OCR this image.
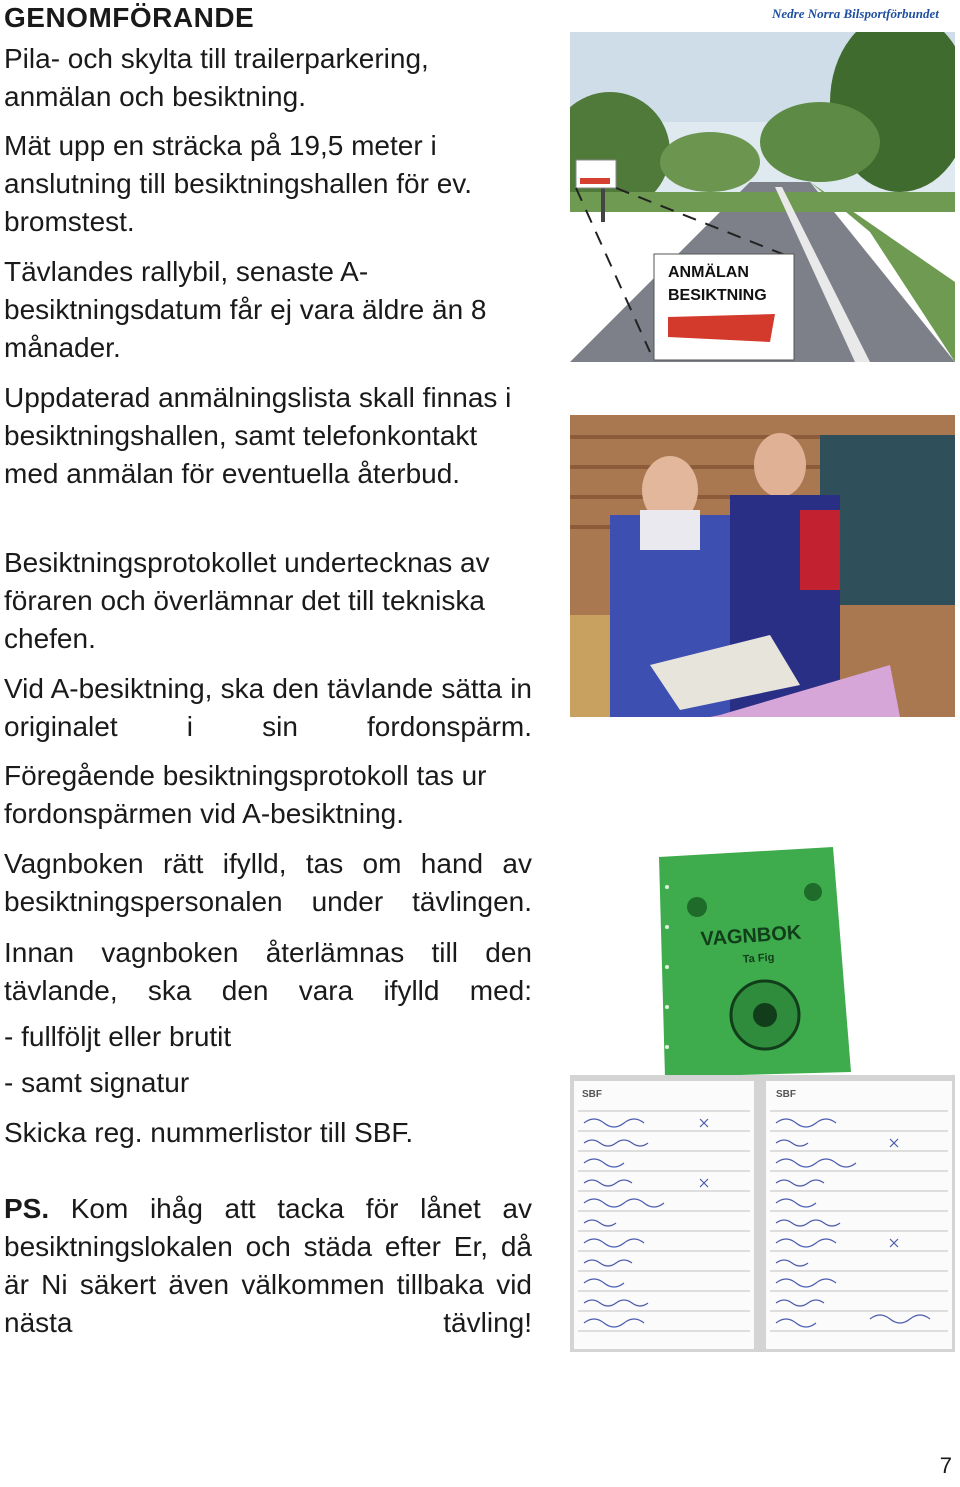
Nedre Norra Bilsportförbundet
GENOMFÖRANDE

Pila- och skylta till trailerparkering, anmälan och besiktning.

Mät upp en sträcka på 19,5 meter i anslutning till besiktningshallen för ev. bromstest.

Tävlandes rallybil, senaste A-besiktningsdatum får ej vara äldre än 8 månader.

Uppdaterad anmälningslista skall finnas i besiktningshallen, samt telefonkontakt med anmälan för eventuella återbud.

Besiktningsprotokollet undertecknas av föraren och överlämnar det till tekniska chefen.

Vid A-besiktning, ska den tävlande sätta in originalet i sin fordonspärm.

Föregående besiktningsprotokoll tas ur fordonspärmen vid A-besiktning.

Vagnboken rätt ifylld, tas om hand av besiktningspersonalen under tävlingen.

Innan vagnboken återlämnas till den tävlande, ska den vara ifylld med:

- fullföljt eller brutit

- samt signatur

Skicka reg. nummerlistor till SBF.

PS. Kom ihåg att tacka för lånet av besiktningslokalen och städa efter Er, då är Ni säkert även välkommen tillbaka vid nästa tävling!

ANMÄLAN
BESIKTNING
VAGNBOK
Ta Fig
SBF	SBF
7
